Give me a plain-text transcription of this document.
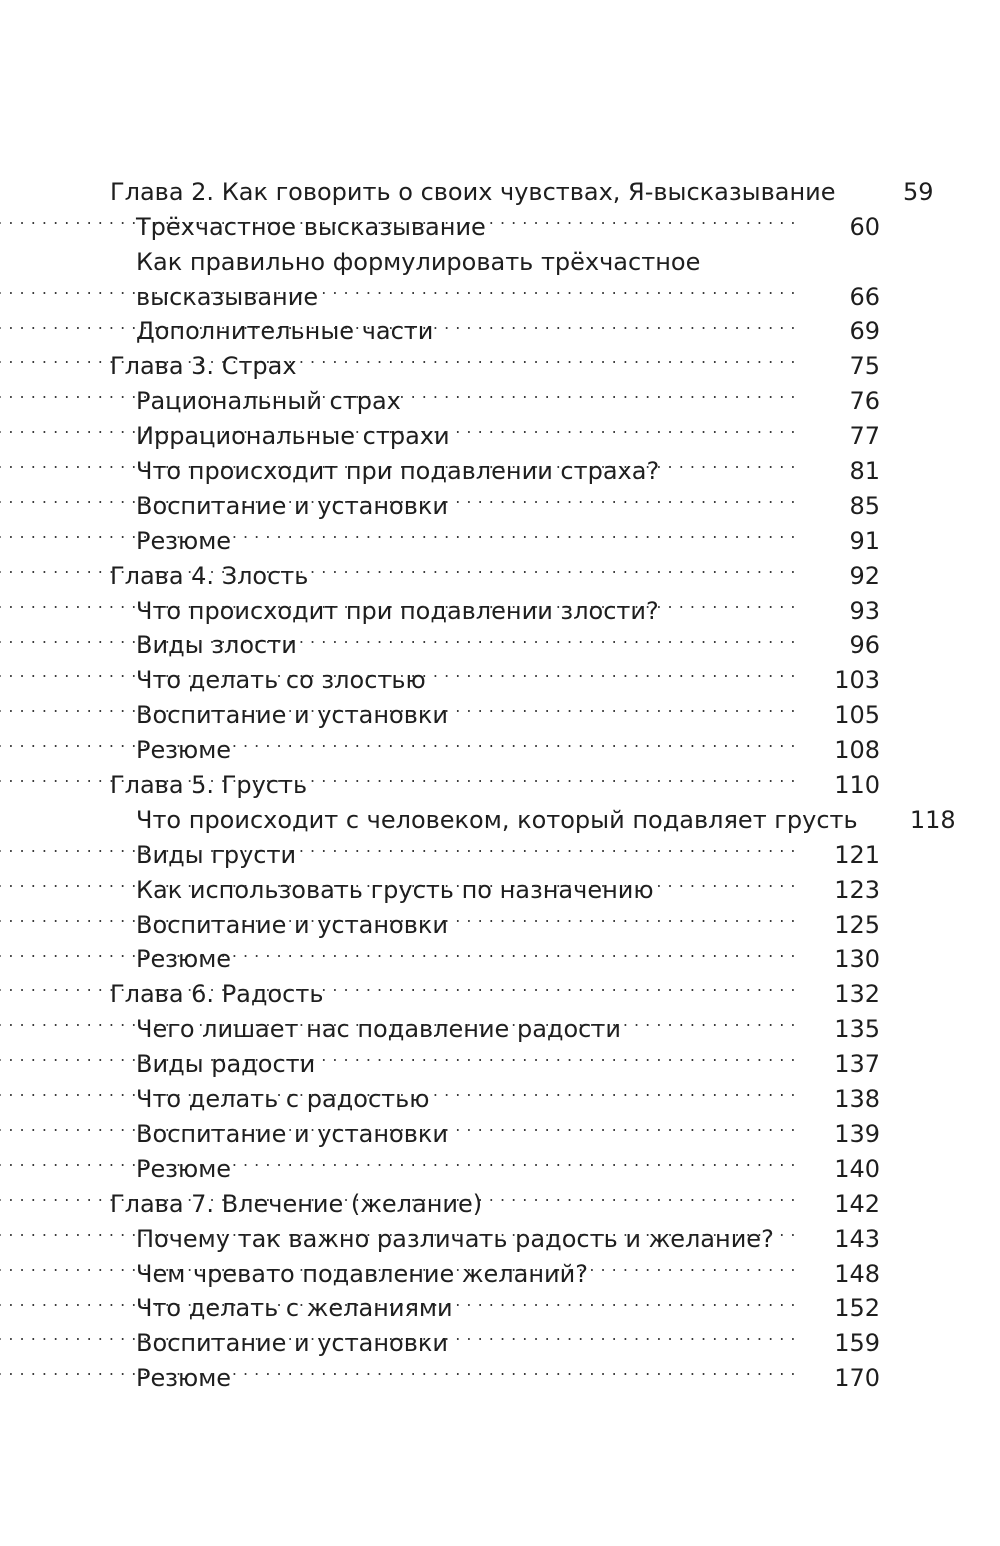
Глава 2. Как говорить о своих чувствах, Я-высказывание	59
Трёхчастное высказывание . . .	60
Как правильно формулировать трёхчастное
высказывание . . .	66
Дополнительные части . . .	69
Глава 3. Страх . . .	75
Рациональный страх . . .	76
Иррациональные страхи . . .	77
Что происходит при подавлении страха? . . .	81
Воспитание и установки . . .	85
Резюме . . .	91
Глава 4. Злость . . .	92
Что происходит при подавлении злости? . . .	93
Виды злости . . .	96
Что делать со злостью . . .	103
Воспитание и установки . . .	105
Резюме . . .	108
Глава 5. Грусть . . .	110
Что происходит с человеком, который подавляет грусть	118
Виды грусти . . .	121
Как использовать грусть по назначению . . .	123
Воспитание и установки . . .	125
Резюме . . .	130
Глава 6. Радость . . .	132
Чего лишает нас подавление радости . . .	135
Виды радости . . .	137
Что делать с радостью . . .	138
Воспитание и установки . . .	139
Резюме . . .	140
Глава 7. Влечение (желание) . . .	142
Почему так важно различать радость и желание? . . .	143
Чем чревато подавление желаний? . . .	148
Что делать с желаниями . . .	152
Воспитание и установки . . .	159
Резюме . . .	170
